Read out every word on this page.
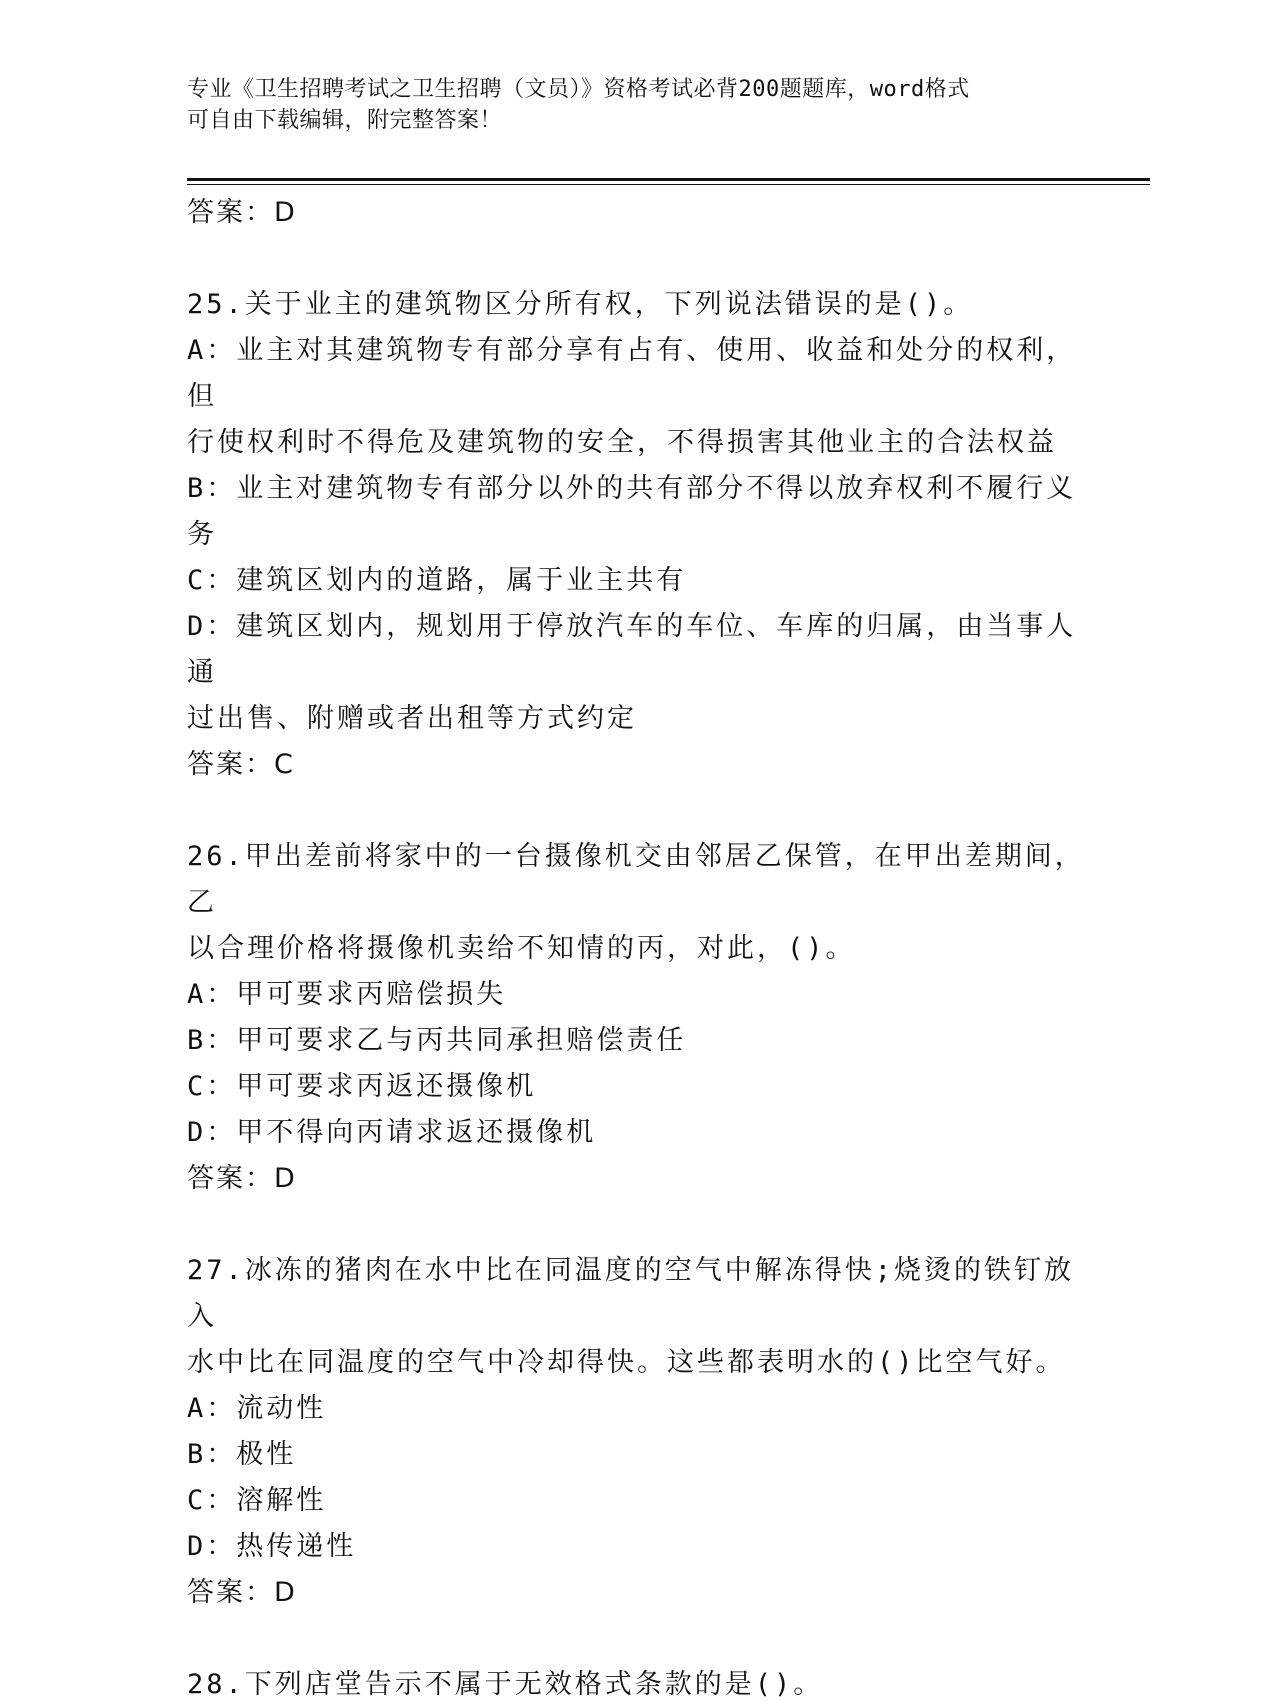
专业《卫生招聘考试之卫生招聘（文员）》资格考试必背200题题库，word格式
可自由下载编辑，附完整答案！

答案：D

25.关于业主的建筑物区分所有权，下列说法错误的是()。

A：业主对其建筑物专有部分享有占有、使用、收益和处分的权利，但
行使权利时不得危及建筑物的安全，不得损害其他业主的合法权益

B：业主对建筑物专有部分以外的共有部分不得以放弃权利不履行义务

C：建筑区划内的道路，属于业主共有

D：建筑区划内，规划用于停放汽车的车位、车库的归属，由当事人通
过出售、附赠或者出租等方式约定

答案：C

26.甲出差前将家中的一台摄像机交由邻居乙保管，在甲出差期间，乙
以合理价格将摄像机卖给不知情的丙，对此，()。

A：甲可要求丙赔偿损失

B：甲可要求乙与丙共同承担赔偿责任

C：甲可要求丙返还摄像机

D：甲不得向丙请求返还摄像机

答案：D

27.冰冻的猪肉在水中比在同温度的空气中解冻得快;烧烫的铁钉放入
水中比在同温度的空气中冷却得快。这些都表明水的()比空气好。

A：流动性

B：极性

C：溶解性

D：热传递性

答案：D

28.下列店堂告示不属于无效格式条款的是()。
